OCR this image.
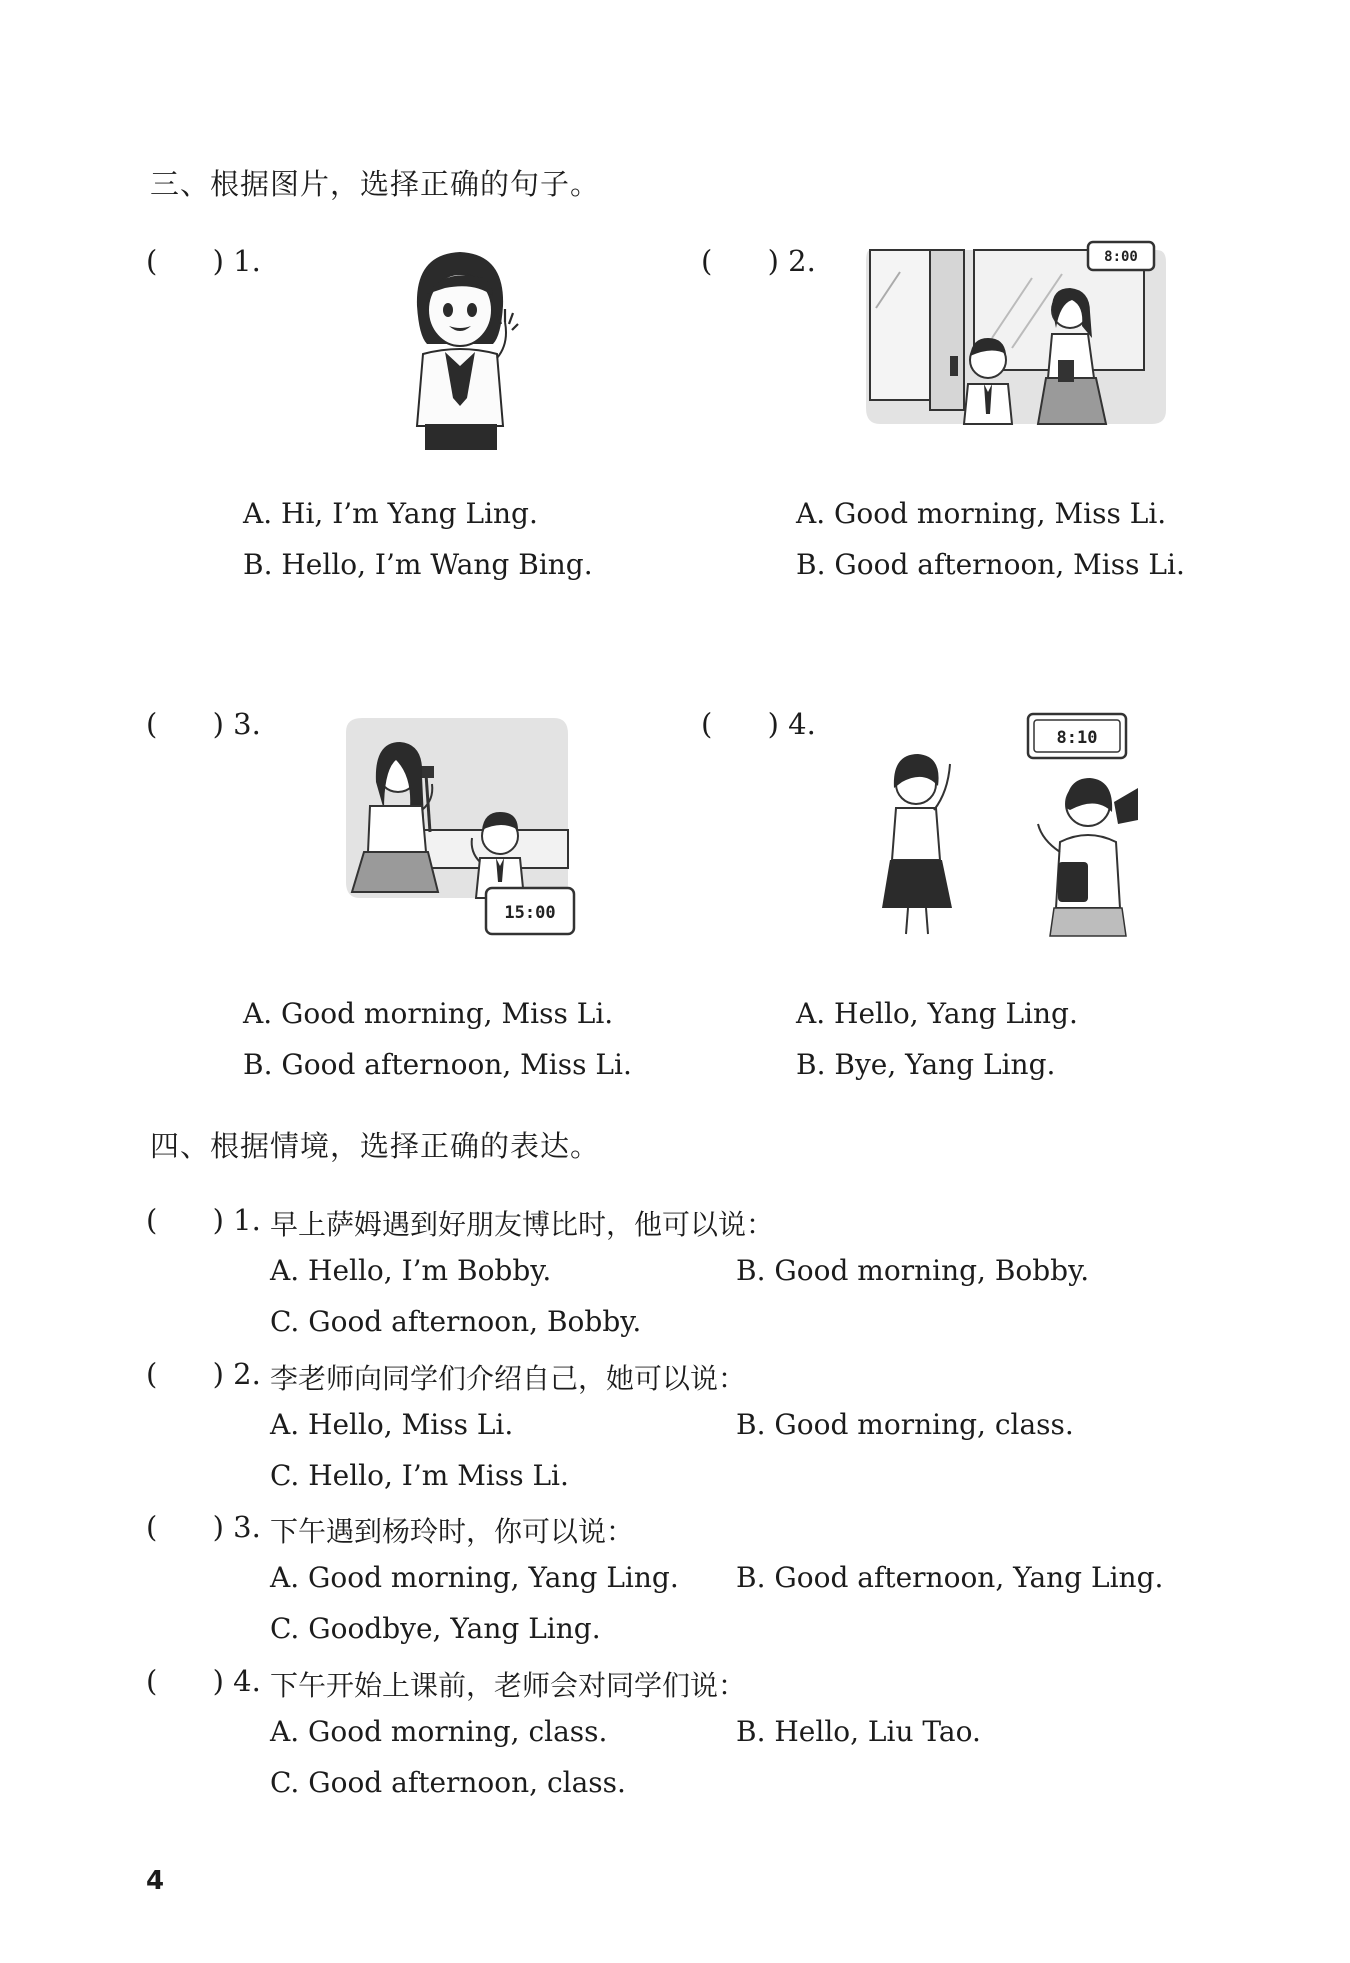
三、根据图片，选择正确的句子。
(      ) 1.
A. Hi, I’m Yang Ling.
B. Hello, I’m Wang Bing.
(      ) 2.	8:00
A. Good morning, Miss Li.
B. Good afternoon, Miss Li.
(      ) 3.
15:00
A. Good morning, Miss Li.
B. Good afternoon, Miss Li.
(      ) 4.	8:10
A. Hello, Yang Ling.
B. Bye, Yang Ling.
四、根据情境，选择正确的表达。
(      ) 1. 早上萨姆遇到好朋友博比时，他可以说：
A. Hello, I’m Bobby.	B. Good morning, Bobby.
C. Good afternoon, Bobby.
(      ) 2. 李老师向同学们介绍自己，她可以说：
A. Hello, Miss Li.	B. Good morning, class.
C. Hello, I’m Miss Li.
(      ) 3. 下午遇到杨玲时，你可以说：
A. Good morning, Yang Ling. B. Good afternoon, Yang Ling.
C. Goodbye, Yang Ling.
(      ) 4. 下午开始上课前，老师会对同学们说：
A. Good morning, class.	B. Hello, Liu Tao.
C. Good afternoon, class.
4
